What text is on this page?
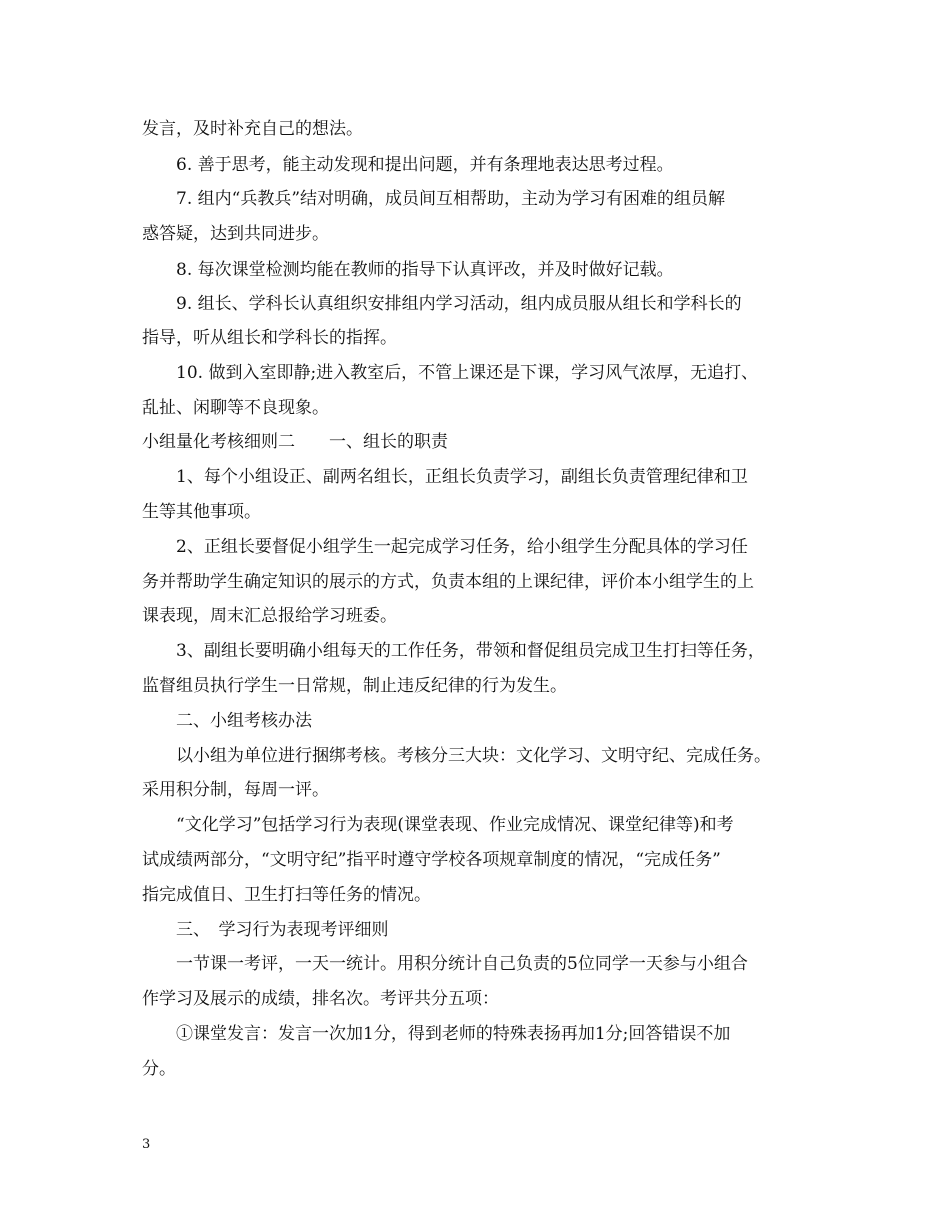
发言，及时补充自己的想法。
6. 善于思考，能主动发现和提出问题，并有条理地表达思考过程。
7. 组内“兵教兵”结对明确，成员间互相帮助，主动为学习有困难的组员解
惑答疑，达到共同进步。
8. 每次课堂检测均能在教师的指导下认真评改，并及时做好记载。
9. 组长、学科长认真组织安排组内学习活动，组内成员服从组长和学科长的
指导，听从组长和学科长的指挥。
10. 做到入室即静;进入教室后，不管上课还是下课，学习风气浓厚，无追打、
乱扯、闲聊等不良现象。
小组量化考核细则二　　一、组长的职责
1、每个小组设正、副两名组长，正组长负责学习，副组长负责管理纪律和卫
生等其他事项。
2、正组长要督促小组学生一起完成学习任务，给小组学生分配具体的学习任
务并帮助学生确定知识的展示的方式，负责本组的上课纪律，评价本小组学生的上
课表现，周末汇总报给学习班委。
3、副组长要明确小组每天的工作任务，带领和督促组员完成卫生打扫等任务，
监督组员执行学生一日常规，制止违反纪律的行为发生。
二、小组考核办法
以小组为单位进行捆绑考核。考核分三大块：文化学习、文明守纪、完成任务。
采用积分制，每周一评。
“文化学习”包括学习行为表现(课堂表现、作业完成情况、课堂纪律等)和考
试成绩两部分，“文明守纪”指平时遵守学校各项规章制度的情况，“完成任务”
指完成值日、卫生打扫等任务的情况。
三、　学习行为表现考评细则
一节课一考评，一天一统计。用积分统计自己负责的5位同学一天参与小组合
作学习及展示的成绩，排名次。考评共分五项：
①课堂发言：发言一次加1分，得到老师的特殊表扬再加1分;回答错误不加
分。
3
